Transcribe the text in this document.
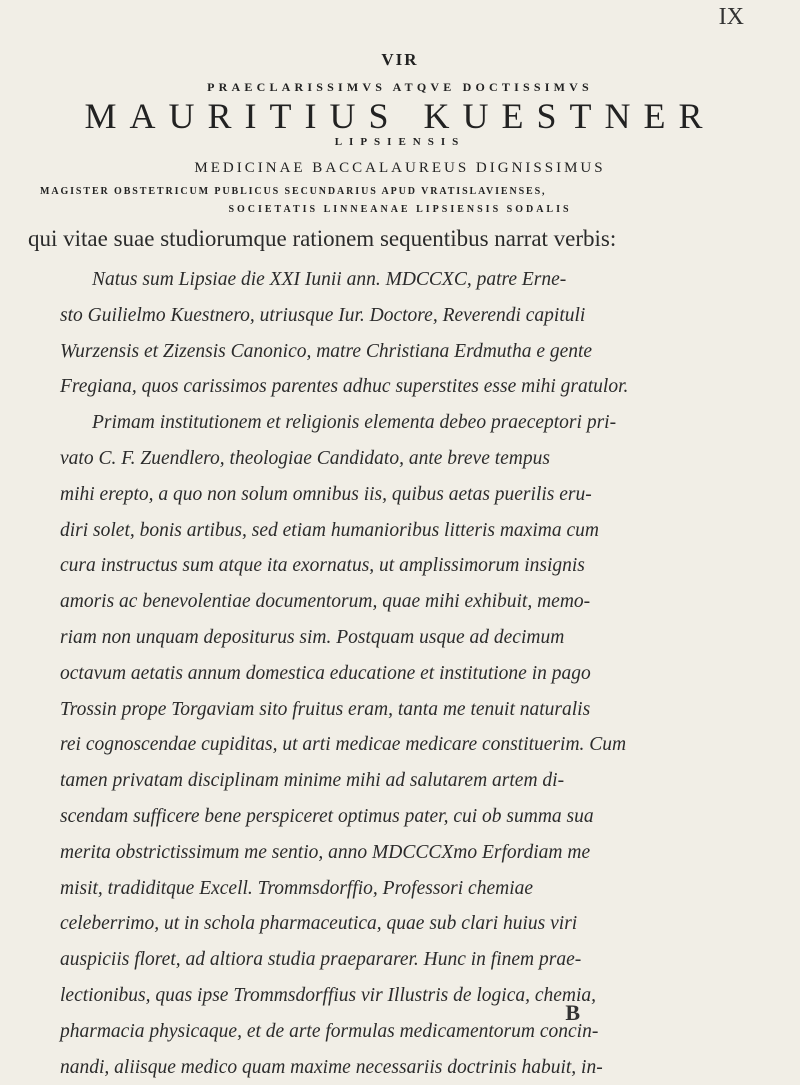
IX
VIR
PRAECLARISSIMVS ATQVE DOCTISSIMVS
MAURITIUS KUESTNER
LIPSIENSIS
MEDICINAE BACCALAUREUS DIGNISSIMUS
MAGISTER OBSTETRICUM PUBLICUS SECUNDARIUS APUD VRATISLAVIENSES,
SOCIETATIS LINNEANAE LIPSIENSIS SODALIS
qui vitae suae studiorumque rationem sequentibus narrat verbis:
Natus sum Lipsiae die XXI Iunii ann. MDCCXC, patre Erne-
sto Guilielmo Kuestnero, utriusque Iur. Doctore, Reverendi capituli
Wurzensis et Zizensis Canonico, matre Christiana Erdmutha e gente
Fregiana, quos carissimos parentes adhuc superstites esse mihi gratulor.
Primam institutionem et religionis elementa debeo praeceptori pri-
vato C. F. Zuendlero, theologiae Candidato, ante breve tempus
mihi erepto, a quo non solum omnibus iis, quibus aetas puerilis eru-
diri solet, bonis artibus, sed etiam humanioribus litteris maxima cum
cura instructus sum atque ita exornatus, ut amplissimorum insignis
amoris ac benevolentiae documentorum, quae mihi exhibuit, memo-
riam non unquam depositurus sim. Postquam usque ad decimum
octavum aetatis annum domestica educatione et institutione in pago
Trossin prope Torgaviam sito fruitus eram, tanta me tenuit naturalis
rei cognoscendae cupiditas, ut arti medicae medicare constituerim. Cum
tamen privatam disciplinam minime mihi ad salutarem artem di-
scendam sufficere bene perspiceret optimus pater, cui ob summa sua
merita obstrictissimum me sentio, anno MDCCCXmo Erfordiam me
misit, tradiditque Excell. Trommsdorffio, Professori chemiae
celeberrimo, ut in schola pharmaceutica, quae sub clari huius viri
auspiciis floret, ad altiora studia praepararer. Hunc in finem prae-
lectionibus, quas ipse Trommsdorffius vir Illustris de logica, chemia,
pharmacia physicaque, et de arte formulas medicamentorum concin-
nandi, aliisque medico quam maxime necessariis doctrinis habuit, in-
B
